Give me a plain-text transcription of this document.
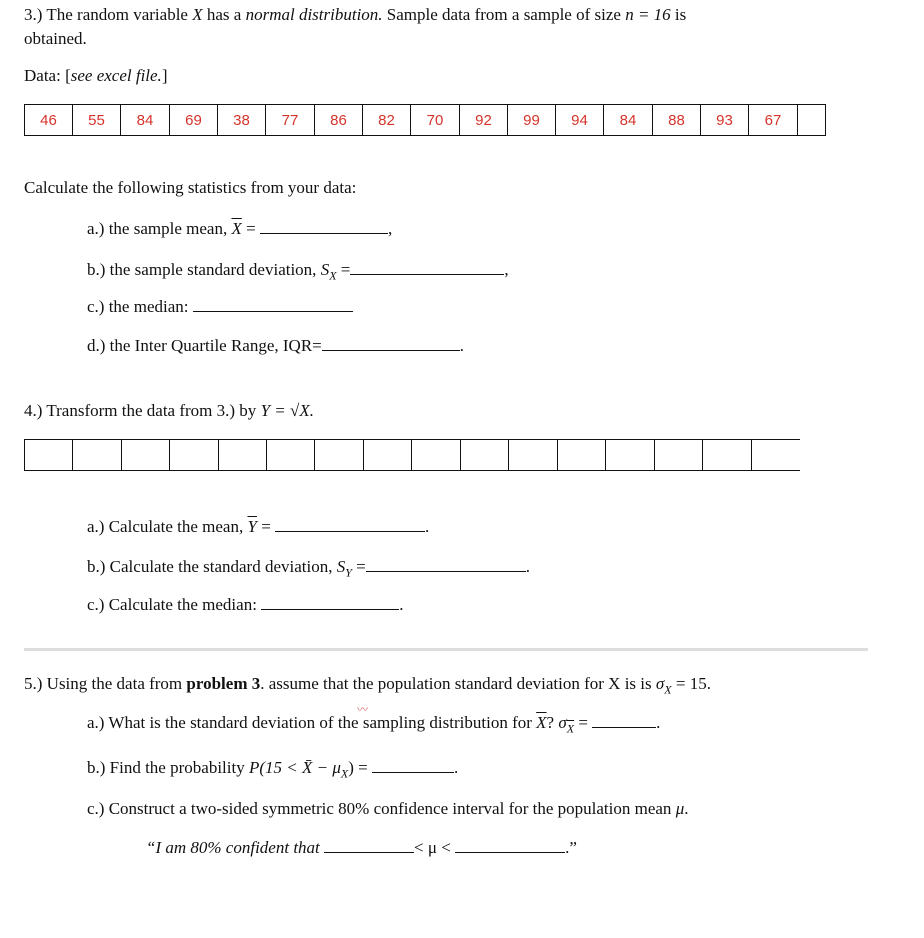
3.) The random variable X has a normal distribution. Sample data from a sample of size n = 16 is
obtained.
Data: [see excel file.]
46	55	84	69	38	77	86	82	70	92	99	94	84	88	93	67
Calculate the following statistics from your data:
a.) the sample mean, $\overline{X}$ =	,
b.) the sample standard deviation, $S_X$ =	,
c.) the median:
d.) the Inter Quartile Range, IQR=	.
4.) Transform the data from 3.) by Y = √X.
a.) Calculate the mean, $\overline{Y}$ =	.
b.) Calculate the standard deviation, $S_Y$ =	.
c.) Calculate the median:	.
5.) Using the data from problem 3. assume that the population standard deviation for X is is $\sigma_X = 15$.
〰
a.) What is the standard deviation of the sampling distribution for $\overline{X}$? $\sigma_{\overline{X}}$ =	.
b.) Find the probability P(15 < X̄ − $\mu_X$) =	.
c.) Construct a two-sided symmetric 80% confidence interval for the population mean μ.
“I am 80% confident that	< μ <	.”
